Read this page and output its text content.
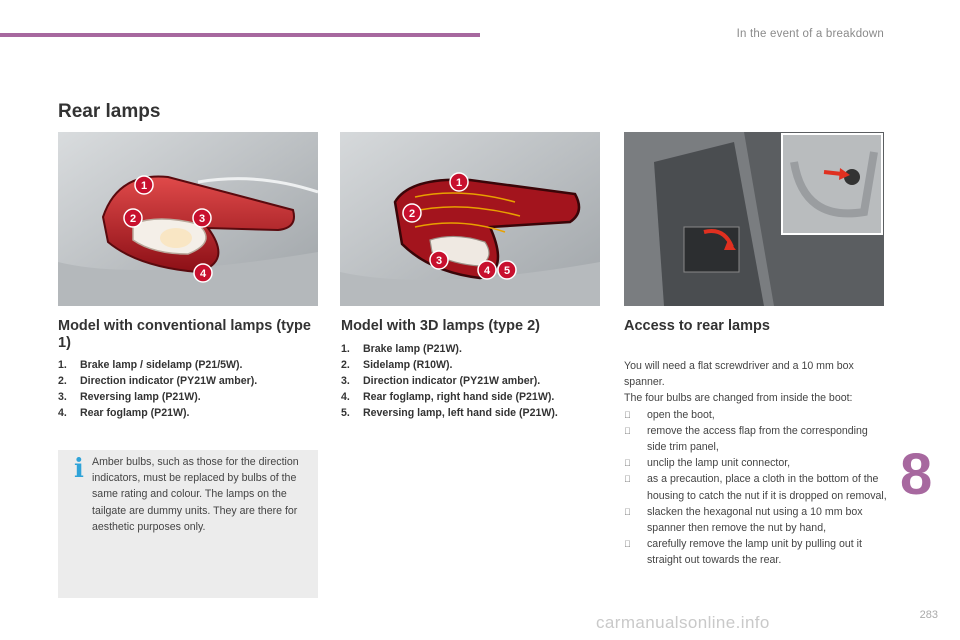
In the event of a breakdown
Rear lamps
1
2	3
4
1
2
3
4 5
Model with conventional lamps (type 1)
1.	Brake lamp / sidelamp (P21/5W).
2.	Direction indicator (PY21W amber).
3.	Reversing lamp (P21W).
4.	Rear foglamp (P21W).
Model with 3D lamps (type 2)
1.	Brake lamp (P21W).
2.	Sidelamp (R10W).
3.	Direction indicator (PY21W amber).
4.	Rear foglamp, right hand side (P21W).
5.	Reversing lamp, left hand side (P21W).
i Amber bulbs, such as those for the direction indicators, must be replaced by bulbs of the same rating and colour. The lamps on the tailgate are dummy units. They are there for aesthetic purposes only.
Access to rear lamps

You will need a flat screwdriver and a 10 mm box spanner.

The four bulbs are changed from inside the boot:

open the boot,
remove the access flap from the corresponding side trim panel,
unclip the lamp unit connector,
as a precaution, place a cloth in the bottom of the housing to catch the nut if it is dropped on removal,
slacken the hexagonal nut using a 10 mm box spanner then remove the nut by hand,
carefully remove the lamp unit by pulling out it straight out towards the rear.
8
283
carmanualsonline.info
